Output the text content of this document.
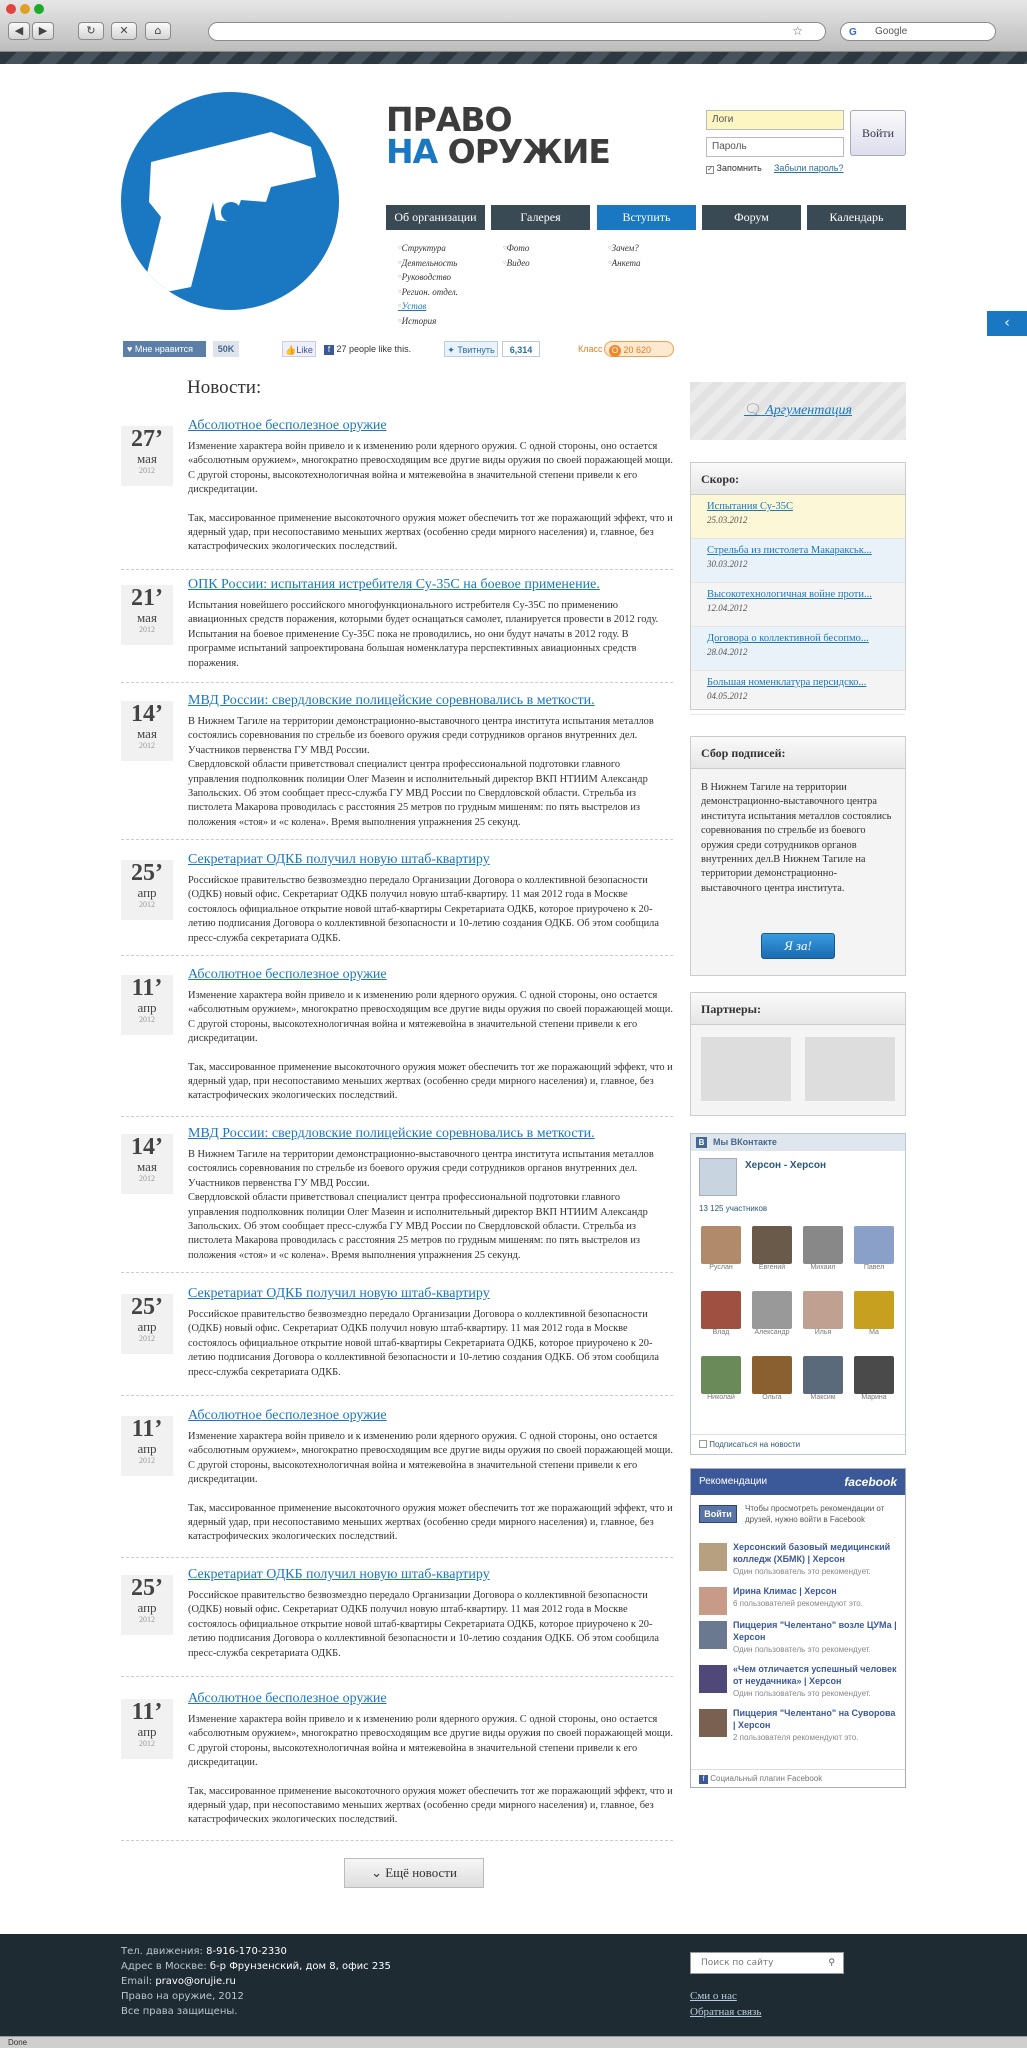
◀	▶	↻	✕	⌂	☆	G Google
ПРАВО
НА ОРУЖИЕ
Логи
Пароль
Войти
✓ Запомнить Забыли пароль?
Об организации	Галерея	Вступить	Форум	Календарь
○ Структура
○ Деятельность
○ Руководство
○ Регион. отдел.
○ Устав
○ История
○ Фото
○ Видео
○ Зачем?
○ Анкета
♥ Мне нравится	50K	👍Like	f 27 people like this.	✦ Твитнуть	6,314	Класс	О 20 620
‹
Новости:
27’
мая
2012
Абсолютное бесполезное оружие

Изменение характера войн привело и к изменению роли ядерного оружия. С одной стороны, оно остается «абсолютным оружием», многократно превосходящим все другие виды оружия по своей поражающей мощи. С другой стороны, высокотехнологичная война и мятежевойна в значительной степени привели к его дискредитации.

Так, массированное применение высокоточного оружия может обеспечить тот же поражающий эффект, что и ядерный удар, при несопоставимо меньших жертвах (особенно среди мирного населения) и, главное, без катастрофических экологических последствий.

21’
мая
2012
ОПК России: испытания истребителя Су-35С на боевое применение.

Испытания новейшего российского многофункционального истребителя Су-35С по применению авиационных средств поражения, которыми будет оснащаться самолет, планируется провести в 2012 году. Испытания на боевое применение Су-35С пока не проводились, но они будут начаты в 2012 году. В программе испытаний запроектирована большая номенклатура перспективных авиационных средств поражения.

14’
мая
2012
МВД России: свердловские полицейские соревновались в меткости.

В Нижнем Тагиле на территории демонстрационно-выставочного центра института испытания металлов состоялись соревнования по стрельбе из боевого оружия среди сотрудников органов внутренних дел. Участников первенства ГУ МВД России.
Свердловской области приветствовал специалист центра профессиональной подготовки главного управления подполковник полиции Олег Мазеин и исполнительный директор ВКП НТИИМ Александр Запольских. Об этом сообщает пресс-служба ГУ МВД России по Свердловской области. Стрельба из пистолета Макарова проводилась с расстояния 25 метров по грудным мишеням: по пять выстрелов из положения «стоя» и «с колена». Время выполнения упражнения 25 секунд.

25’
апр
2012
Секретариат ОДКБ получил новую штаб-квартиру

Российское правительство безвозмездно передало Организации Договора о коллективной безопасности (ОДКБ) новый офис. Секретариат ОДКБ получил новую штаб-квартиру. 11 мая 2012 года в Москве состоялось официальное открытие новой штаб-квартиры Секретариата ОДКБ, которое приурочено к 20-летию подписания Договора о коллективной безопасности и 10-летию создания ОДКБ. Об этом сообщила пресс-служба секретариата ОДКБ.

11’
апр
2012
Абсолютное бесполезное оружие

Изменение характера войн привело и к изменению роли ядерного оружия. С одной стороны, оно остается «абсолютным оружием», многократно превосходящим все другие виды оружия по своей поражающей мощи. С другой стороны, высокотехнологичная война и мятежевойна в значительной степени привели к его дискредитации.

Так, массированное применение высокоточного оружия может обеспечить тот же поражающий эффект, что и ядерный удар, при несопоставимо меньших жертвах (особенно среди мирного населения) и, главное, без катастрофических экологических последствий.

14’
мая
2012
МВД России: свердловские полицейские соревновались в меткости.

В Нижнем Тагиле на территории демонстрационно-выставочного центра института испытания металлов состоялись соревнования по стрельбе из боевого оружия среди сотрудников органов внутренних дел. Участников первенства ГУ МВД России.
Свердловской области приветствовал специалист центра профессиональной подготовки главного управления подполковник полиции Олег Мазеин и исполнительный директор ВКП НТИИМ Александр Запольских. Об этом сообщает пресс-служба ГУ МВД России по Свердловской области. Стрельба из пистолета Макарова проводилась с расстояния 25 метров по грудным мишеням: по пять выстрелов из положения «стоя» и «с колена». Время выполнения упражнения 25 секунд.

25’
апр
2012
Секретариат ОДКБ получил новую штаб-квартиру

Российское правительство безвозмездно передало Организации Договора о коллективной безопасности (ОДКБ) новый офис. Секретариат ОДКБ получил новую штаб-квартиру. 11 мая 2012 года в Москве состоялось официальное открытие новой штаб-квартиры Секретариата ОДКБ, которое приурочено к 20-летию подписания Договора о коллективной безопасности и 10-летию создания ОДКБ. Об этом сообщила пресс-служба секретариата ОДКБ.

11’
апр
2012
Абсолютное бесполезное оружие

Изменение характера войн привело и к изменению роли ядерного оружия. С одной стороны, оно остается «абсолютным оружием», многократно превосходящим все другие виды оружия по своей поражающей мощи. С другой стороны, высокотехнологичная война и мятежевойна в значительной степени привели к его дискредитации.

Так, массированное применение высокоточного оружия может обеспечить тот же поражающий эффект, что и ядерный удар, при несопоставимо меньших жертвах (особенно среди мирного населения) и, главное, без катастрофических экологических последствий.

25’
апр
2012
Секретариат ОДКБ получил новую штаб-квартиру

Российское правительство безвозмездно передало Организации Договора о коллективной безопасности (ОДКБ) новый офис. Секретариат ОДКБ получил новую штаб-квартиру. 11 мая 2012 года в Москве состоялось официальное открытие новой штаб-квартиры Секретариата ОДКБ, которое приурочено к 20-летию подписания Договора о коллективной безопасности и 10-летию создания ОДКБ. Об этом сообщила пресс-служба секретариата ОДКБ.

11’
апр
2012
Абсолютное бесполезное оружие

Изменение характера войн привело и к изменению роли ядерного оружия. С одной стороны, оно остается «абсолютным оружием», многократно превосходящим все другие виды оружия по своей поражающей мощи. С другой стороны, высокотехнологичная война и мятежевойна в значительной степени привели к его дискредитации.

Так, массированное применение высокоточного оружия может обеспечить тот же поражающий эффект, что и ядерный удар, при несопоставимо меньших жертвах (особенно среди мирного населения) и, главное, без катастрофических экологических последствий.

⌄ Ещё новости
🗨 Аргументация
Скоро:
Испытания Су-35С
25.03.2012
Стрельба из пистолета Макаракськ...
30.03.2012
Высокотехнологичная войне проти...
12.04.2012
Договора о коллективной бесопмо...
28.04.2012
Большая номенклатура персидско...
04.05.2012
Сбор подписей:
В Нижнем Тагиле на территории демонстрационно-выставочного центра института испытания металлов состоялись соревнования по стрельбе из боевого оружия среди сотрудников органов внутренних дел.В Нижнем Тагиле на территории демонстрационно-выставочного центра института.
Я за!
Партнеры:
В Мы ВКонтакте
Херсон - Херсон
13 125 участников
Руслан	Евгений	Михаил	Павел
Влад	Александр	Илья	Ма
Николай	Ольга	Максим	Марина
Подписаться на новости
Рекомендации	facebook
Войти
Чтобы просмотреть рекомендации от друзей, нужно войти в Facebook
Херсонский базовый медицинский колледж (ХБМК) | Херсон
Один пользователь это рекомендует.
Ирина Климас | Херсон
6 пользователей рекомендуют это.
Пиццерия "Челентано" возле ЦУМа | Херсон
Один пользователь это рекомендует.
«Чем отличается успешный человек от неудачника» | Херсон
Один пользователь это рекомендует.
Пиццерия "Челентано" на Суворова | Херсон
2 пользователя рекомендуют это.
f Социальный плагин Facebook
Тел. движения: 8-916-170-2330
Адрес в Москве: б-р Фрунзенский, дом 8, офис 235
Email: pravo@orujie.ru
Право на оружие, 2012
Все права защищены.
Поиск по сайту	⚲
Сми о нас
Обратная связь
Done
